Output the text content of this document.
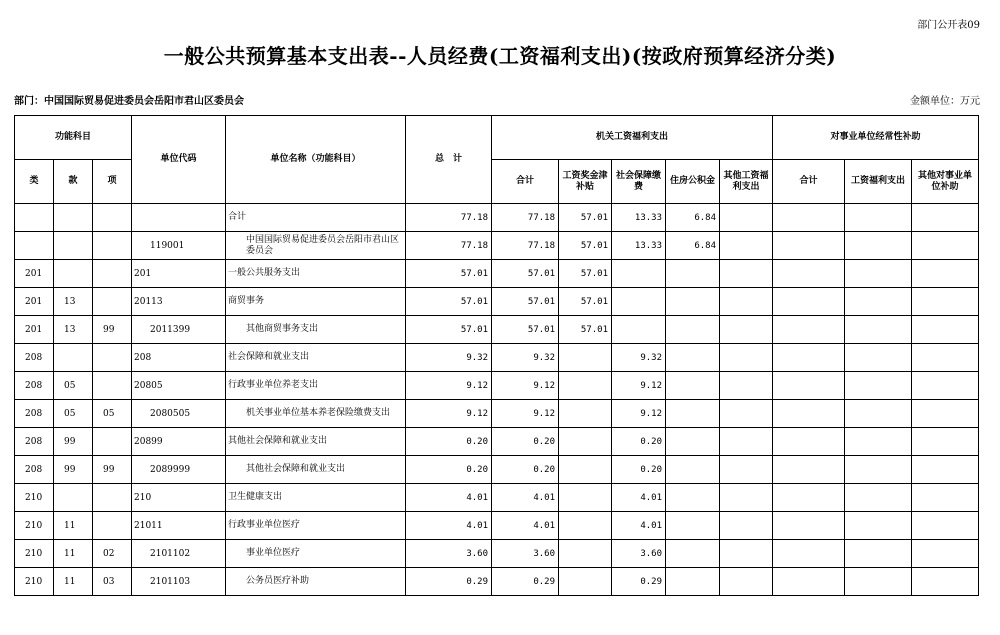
部门公开表09
一般公共预算基本支出表--人员经费(工资福利支出)(按政府预算经济分类)
部门：中国国际贸易促进委员会岳阳市君山区委员会	金额单位：万元
功能科目			单位代码	单位名称（功能科目）	总　计	机关工资福利支出					对事业单位经常性补助		
类	款	项				合计	工资奖金津补贴	社会保障缴费	住房公积金	其他工资福利支出	合计	工资福利支出	其他对事业单位补助
				合计	77.18	77.18	57.01	13.33	6.84				
			119001	中国国际贸易促进委员会岳阳市君山区委员会	77.18	77.18	57.01	13.33	6.84				
201			201	一般公共服务支出	57.01	57.01	57.01						
201	13		20113	商贸事务	57.01	57.01	57.01						
201	13	99	2011399	其他商贸事务支出	57.01	57.01	57.01						
208			208	社会保障和就业支出	9.32	9.32		9.32					
208	05		20805	行政事业单位养老支出	9.12	9.12		9.12					
208	05	05	2080505	机关事业单位基本养老保险缴费支出	9.12	9.12		9.12					
208	99		20899	其他社会保障和就业支出	0.20	0.20		0.20					
208	99	99	2089999	其他社会保障和就业支出	0.20	0.20		0.20					
210			210	卫生健康支出	4.01	4.01		4.01					
210	11		21011	行政事业单位医疗	4.01	4.01		4.01					
210	11	02	2101102	事业单位医疗	3.60	3.60		3.60					
210	11	03	2101103	公务员医疗补助	0.29	0.29		0.29					
